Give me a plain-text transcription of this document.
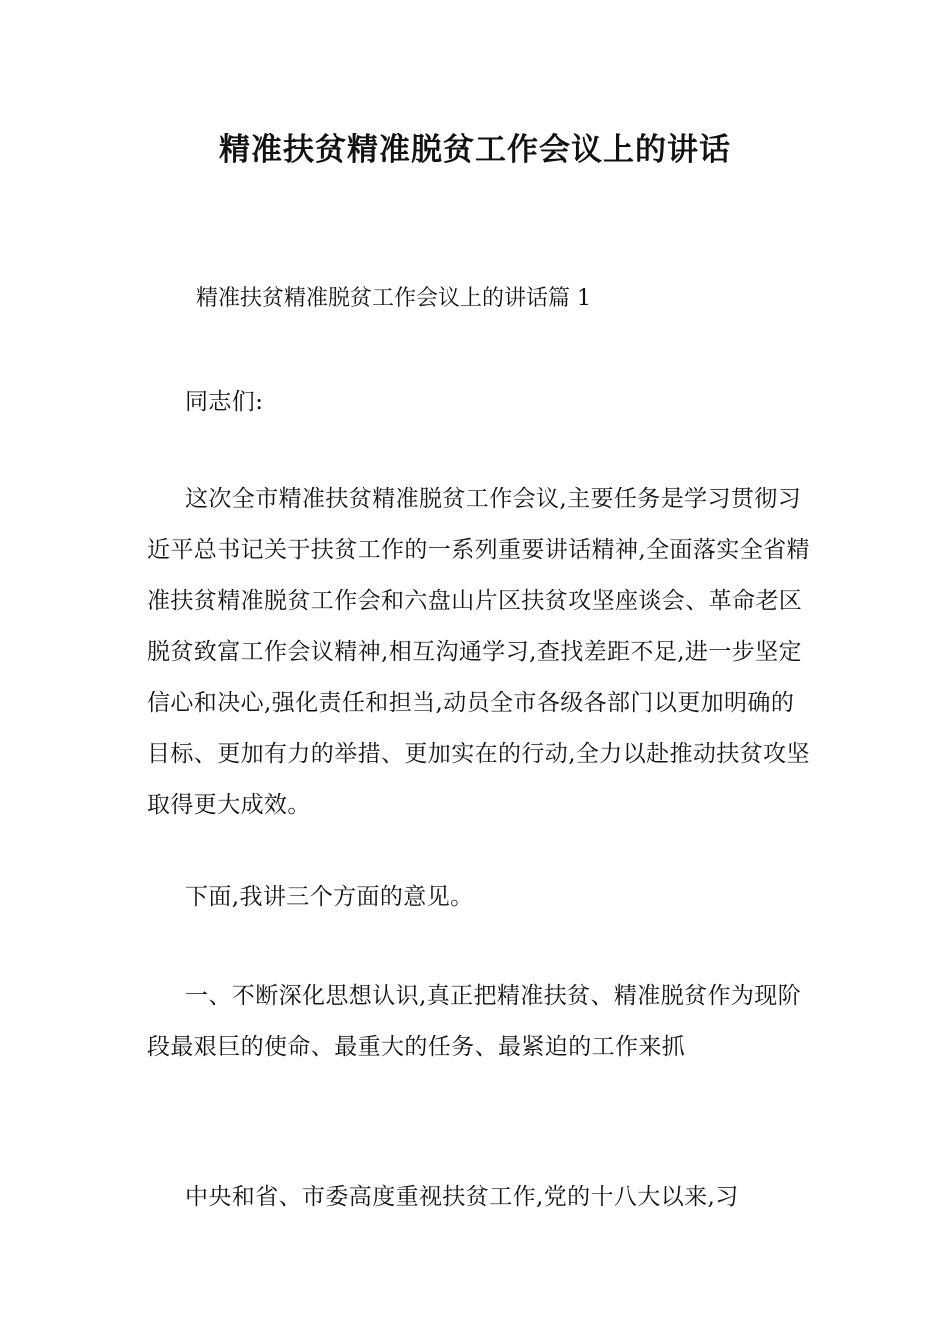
精准扶贫精准脱贫工作会议上的讲话
精准扶贫精准脱贫工作会议上的讲话篇 1

同志们:

这次全市精准扶贫精准脱贫工作会议,主要任务是学习贯彻习近平总书记关于扶贫工作的一系列重要讲话精神,全面落实全省精准扶贫精准脱贫工作会和六盘山片区扶贫攻坚座谈会、革命老区脱贫致富工作会议精神,相互沟通学习,查找差距不足,进一步坚定信心和决心,强化责任和担当,动员全市各级各部门以更加明确的目标、更加有力的举措、更加实在的行动,全力以赴推动扶贫攻坚取得更大成效。

下面,我讲三个方面的意见。

一、不断深化思想认识,真正把精准扶贫、精准脱贫作为现阶段最艰巨的使命、最重大的任务、最紧迫的工作来抓

中央和省、市委高度重视扶贫工作,党的十八大以来,习
